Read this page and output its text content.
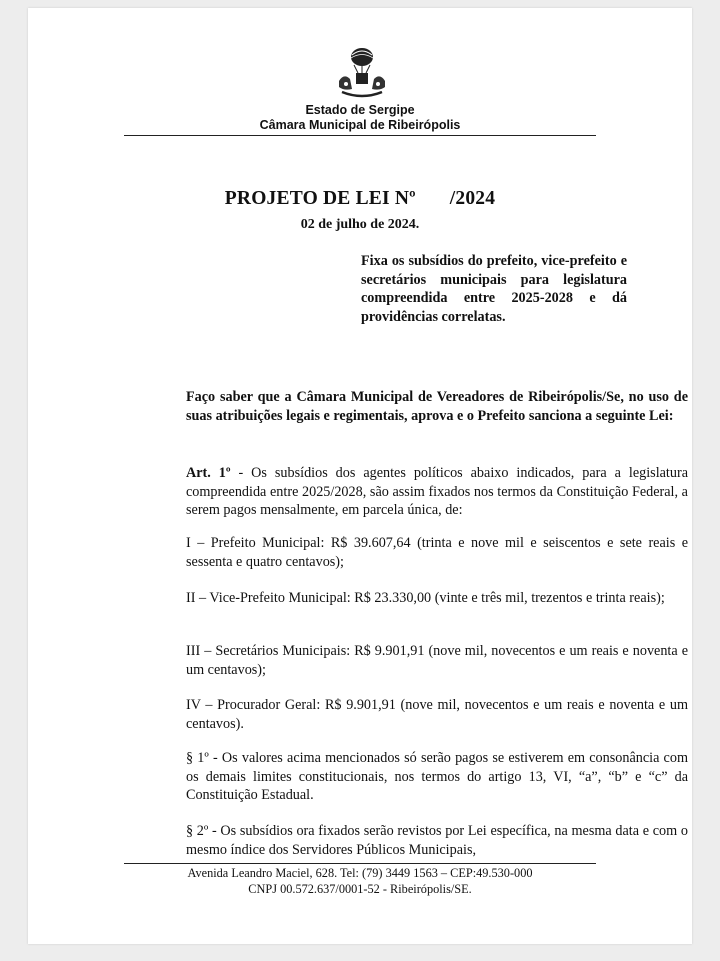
Estado de Sergipe
Câmara Municipal de Ribeirópolis
PROJETO DE LEI Nº /2024
02 de julho de 2024.
Fixa os subsídios do prefeito, vice-prefeito e secretários municipais para legislatura compreendida entre 2025-2028 e dá providências correlatas.
Faço saber que a Câmara Municipal de Vereadores de Ribeirópolis/Se, no uso de suas atribuições legais e regimentais, aprova e o Prefeito sanciona a seguinte Lei:
Art. 1º - Os subsídios dos agentes políticos abaixo indicados, para a legislatura compreendida entre 2025/2028, são assim fixados nos termos da Constituição Federal, a serem pagos mensalmente, em parcela única, de:
I – Prefeito Municipal: R$ 39.607,64 (trinta e nove mil e seiscentos e sete reais e sessenta e quatro centavos);
II – Vice-Prefeito Municipal: R$ 23.330,00 (vinte e três mil, trezentos e trinta reais);
III – Secretários Municipais: R$ 9.901,91 (nove mil, novecentos e um reais e noventa e um centavos);
IV – Procurador Geral: R$ 9.901,91 (nove mil, novecentos e um reais e noventa e um centavos).
§ 1º - Os valores acima mencionados só serão pagos se estiverem em consonância com os demais limites constitucionais, nos termos do artigo 13, VI, “a”, “b” e “c” da Constituição Estadual.
§ 2º - Os subsídios ora fixados serão revistos por Lei específica, na mesma data e com o mesmo índice dos Servidores Públicos Municipais,
Avenida Leandro Maciel, 628. Tel: (79) 3449 1563 – CEP:49.530-000
CNPJ 00.572.637/0001-52 - Ribeirópolis/SE.
